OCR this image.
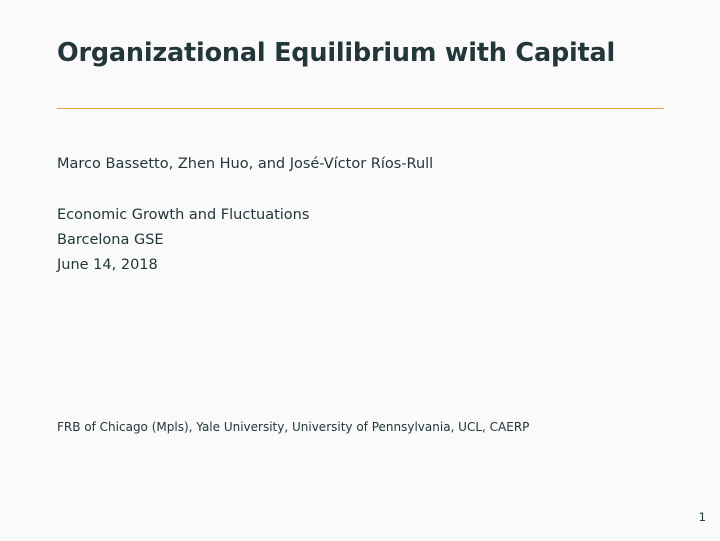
Organizational Equilibrium with Capital
Marco Bassetto, Zhen Huo, and José-Víctor Ríos-Rull
Economic Growth and Fluctuations
Barcelona GSE
June 14, 2018
FRB of Chicago (Mpls), Yale University, University of Pennsylvania, UCL, CAERP
1
